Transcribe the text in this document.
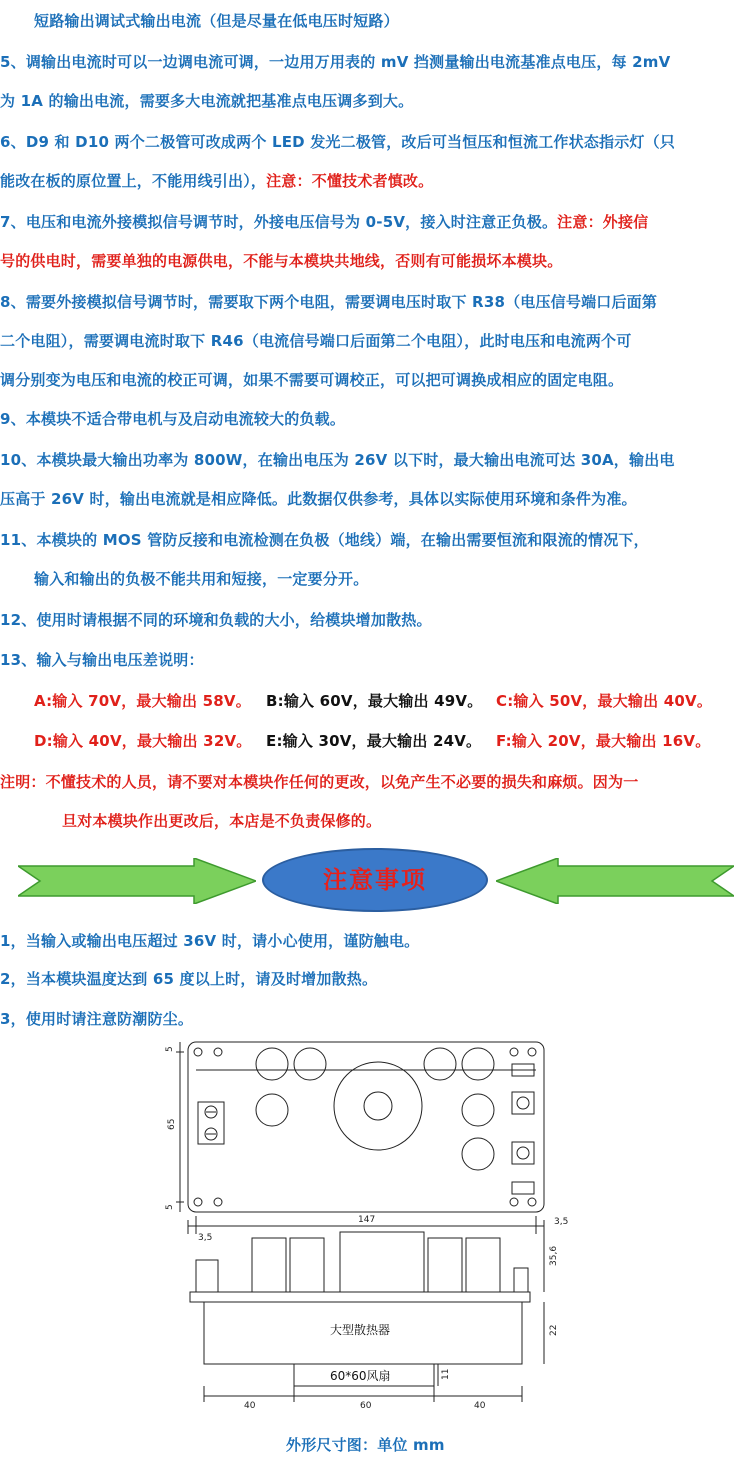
短路输出调试式输出电流（但是尽量在低电压时短路）
5、调输出电流时可以一边调电流可调，一边用万用表的 mV 挡测量输出电流基准点电压，每 2mV
为 1A 的输出电流，需要多大电流就把基准点电压调多到大。
6、D9 和 D10 两个二极管可改成两个 LED 发光二极管，改后可当恒压和恒流工作状态指示灯（只
能改在板的原位置上，不能用线引出），注意：不懂技术者慎改。
7、电压和电流外接模拟信号调节时，外接电压信号为 0-5V，接入时注意正负极。注意：外接信
号的供电时，需要单独的电源供电，不能与本模块共地线，否则有可能损坏本模块。
8、需要外接模拟信号调节时，需要取下两个电阻，需要调电压时取下 R38（电压信号端口后面第
二个电阻），需要调电流时取下 R46（电流信号端口后面第二个电阻），此时电压和电流两个可
调分别变为电压和电流的校正可调，如果不需要可调校正，可以把可调换成相应的固定电阻。
9、本模块不适合带电机与及启动电流较大的负载。
10、本模块最大输出功率为 800W，在输出电压为 26V 以下时，最大输出电流可达 30A，输出电
压高于 26V 时，输出电流就是相应降低。此数据仅供参考，具体以实际使用环境和条件为准。
11、本模块的 MOS 管防反接和电流检测在负极（地线）端，在输出需要恒流和限流的情况下，
输入和输出的负极不能共用和短接，一定要分开。
12、使用时请根据不同的环境和负载的大小，给模块增加散热。
13、输入与输出电压差说明：
A:输入 70V，最大输出 58V。 B:输入 60V，最大输出 49V。 C:输入 50V，最大输出 40V。
D:输入 40V，最大输出 32V。 E:输入 30V，最大输出 24V。 F:输入 20V，最大输出 16V。
注明：不懂技术的人员，请不要对本模块作任何的更改，以免产生不必要的损失和麻烦。因为一
旦对本模块作出更改后，本店是不负责保修的。
注意事项
1，当输入或输出电压超过 36V 时，请小心使用，谨防触电。
2，当本模块温度达到 65 度以上时，请及时增加散热。
3，使用时请注意防潮防尘。
5
65
5
3,5
147	3,5
35,6
22
11
40	60	40
大型散热器
60*60风扇
外形尺寸图：单位 mm
